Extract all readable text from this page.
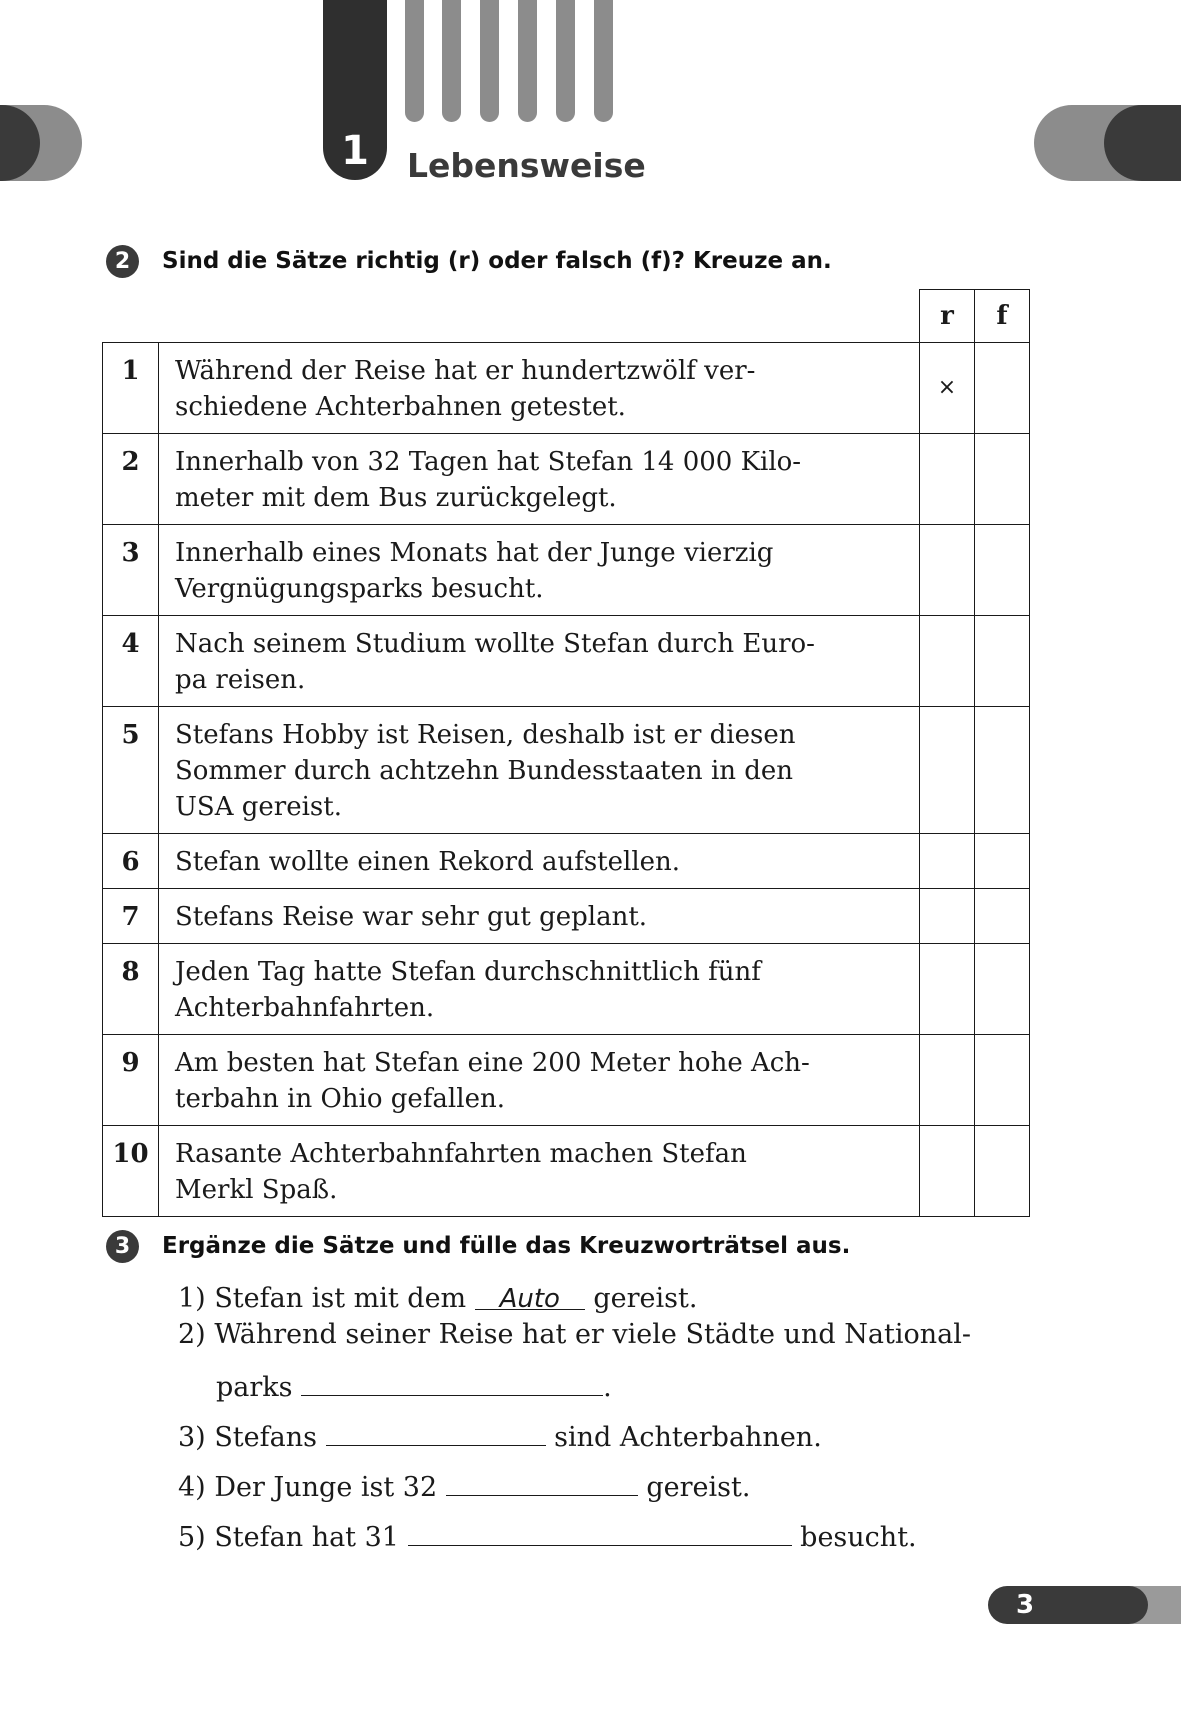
1	Lebensweise
2	Sind die Sätze richtig (r) oder falsch (f)? Kreuze an.
		r	f
1	Während der Reise hat er hundertzwölf ver-
schiedene Achterbahnen getestet.	×	
2	Innerhalb von 32 Tagen hat Stefan 14 000 Kilo-
meter mit dem Bus zurückgelegt.		

3	Innerhalb eines Monats hat der Junge vierzig
Vergnügungsparks besucht.		

4	Nach seinem Studium wollte Stefan durch Euro-
pa reisen.		

5	Stefans Hobby ist Reisen, deshalb ist er diesen
Sommer durch achtzehn Bundesstaaten in den
USA gereist.		

6	Stefan wollte einen Rekord aufstellen.		

7	Stefans Reise war sehr gut geplant.		

8	Jeden Tag hatte Stefan durchschnittlich fünf
Achterbahnfahrten.		

9	Am besten hat Stefan eine 200 Meter hohe Ach-
terbahn in Ohio gefallen.		

10	Rasante Achterbahnfahrten machen Stefan
Merkl Spaß.		

3	Ergänze die Sätze und fülle das Kreuzworträtsel aus.
1) Stefan ist mit dem Auto gereist.
2) Während seiner Reise hat er viele Städte und National-
parks	.
3) Stefans	sind Achterbahnen.
4) Der Junge ist 32	gereist.
5) Stefan hat 31	besucht.
3
